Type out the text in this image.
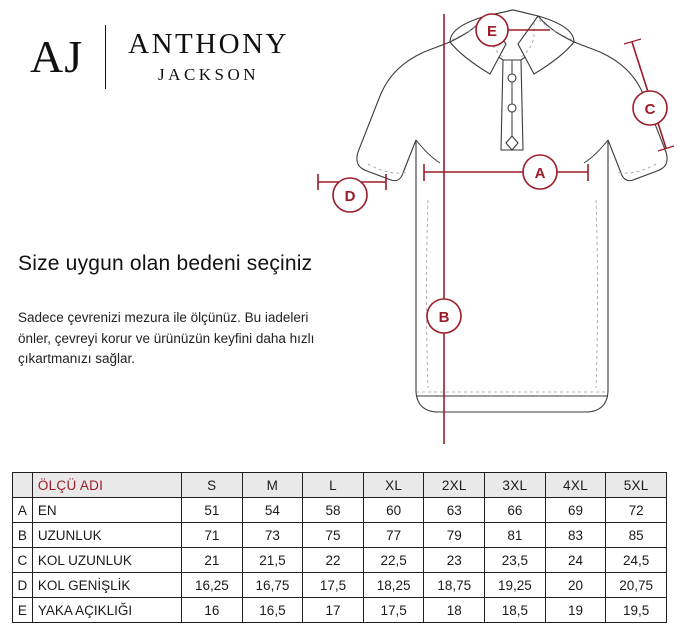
AJ	ANTHONY
JACKSON
Size uygun olan bedeni seçiniz
Sadece çevrenizi mezura ile ölçünüz. Bu iadeleri önler, çevreyi korur ve ürünüzün keyfini daha hızlı çıkartmanızı sağlar.
E
A
B
C
D
	ÖLÇÜ ADI	S	M	L	XL	2XL	3XL	4XL	5XL
A	EN	51	54	58	60	63	66	69	72
B	UZUNLUK	71	73	75	77	79	81	83	85
C	KOL UZUNLUK	21	21,5	22	22,5	23	23,5	24	24,5
D	KOL GENİŞLİK	16,25	16,75	17,5	18,25	18,75	19,25	20	20,75
E	YAKA AÇIKLIĞI	16	16,5	17	17,5	18	18,5	19	19,5
